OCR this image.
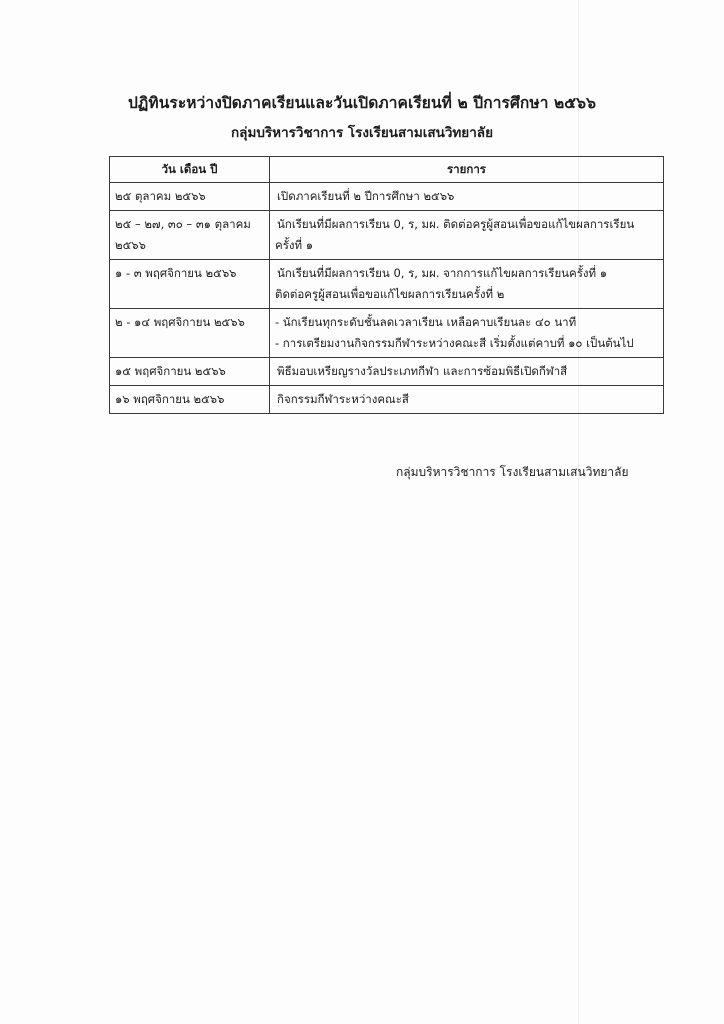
ปฏิทินระหว่างปิดภาคเรียนและวันเปิดภาคเรียนที่ ๒ ปีการศึกษา ๒๕๖๖
กลุ่มบริหารวิชาการ โรงเรียนสามเสนวิทยาลัย
วัน เดือน ปี	รายการ

๒๕ ตุลาคม ๒๕๖๖	เปิดภาคเรียนที่ ๒ ปีการศึกษา ๒๕๖๖

๒๕ – ๒๗, ๓๐ – ๓๑ ตุลาคม
๒๕๖๖	นักเรียนที่มีผลการเรียน 0, ร, มผ. ติดต่อครูผู้สอนเพื่อขอแก้ไขผลการเรียน
ครั้งที่ ๑

๑ - ๓ พฤศจิกายน ๒๕๖๖	นักเรียนที่มีผลการเรียน 0, ร, มผ. จากการแก้ไขผลการเรียนครั้งที่ ๑
ติดต่อครูผู้สอนเพื่อขอแก้ไขผลการเรียนครั้งที่ ๒

๒ - ๑๔ พฤศจิกายน ๒๕๖๖	- นักเรียนทุกระดับชั้นลดเวลาเรียน เหลือคาบเรียนละ ๔๐ นาที
- การเตรียมงานกิจกรรมกีฬาระหว่างคณะสี เริ่มตั้งแต่คาบที่ ๑๐ เป็นต้นไป

๑๕ พฤศจิกายน ๒๕๖๖	พิธีมอบเหรียญรางวัลประเภทกีฬา และการซ้อมพิธีเปิดกีฬาสี

๑๖ พฤศจิกายน ๒๕๖๖	กิจกรรมกีฬาระหว่างคณะสี
กลุ่มบริหารวิชาการ โรงเรียนสามเสนวิทยาลัย
